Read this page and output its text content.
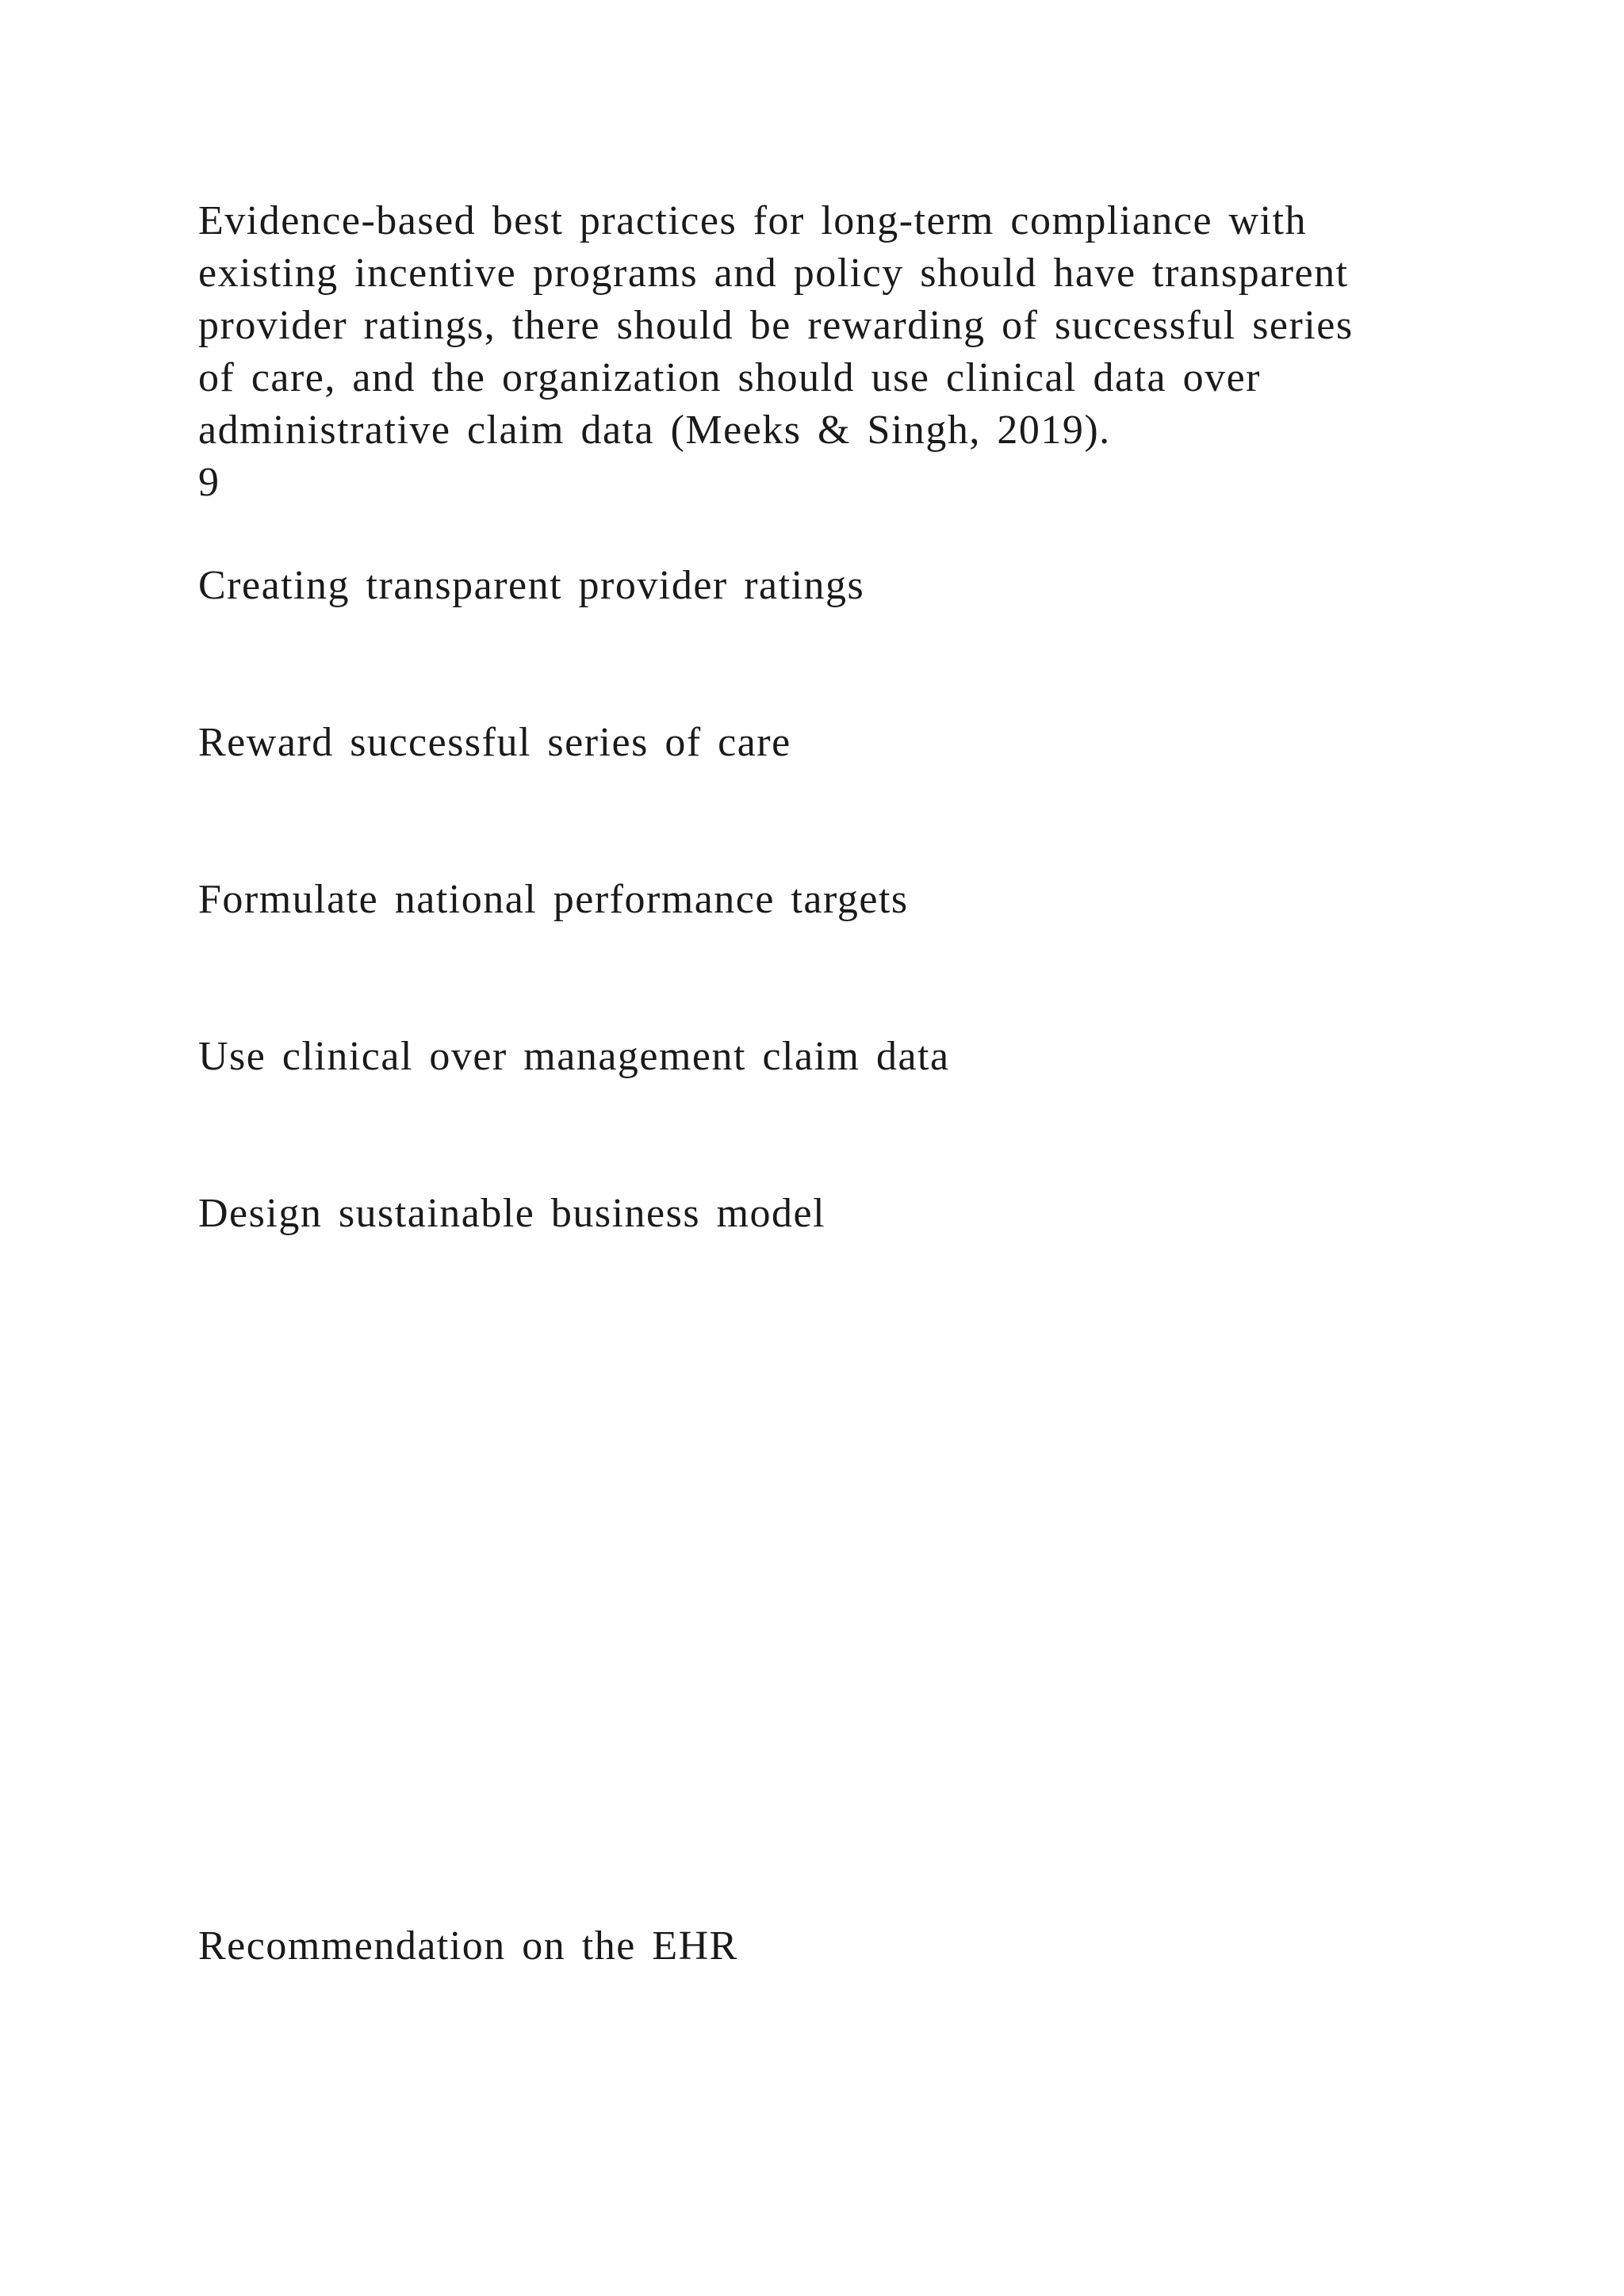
Evidence-based best practices for long-term compliance with
existing incentive programs and policy should have transparent
provider ratings, there should be rewarding of successful series
of care, and the organization should use clinical data over
administrative claim data (Meeks & Singh, 2019).

9
Creating transparent provider ratings
Reward successful series of care
Formulate national performance targets
Use clinical over management claim data
Design sustainable business model
Recommendation on the EHR
